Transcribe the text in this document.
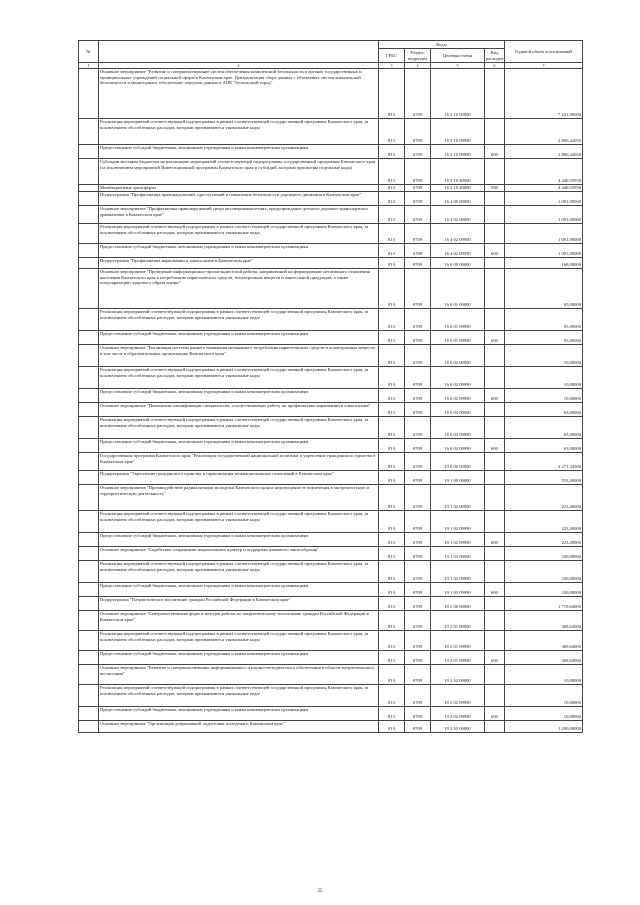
№		Коды				Годовой объем ассигнований
		ГРБС	Раздел, подраздел	Целевая статья	Вид расходов	
1	2	3	4	5	6	7
	Основное мероприятие "Развитие и совершенствование систем обеспечения комплексной безопасности в органах государственных и муниципальных учреждений социальной сферы в Камчатском крае. Централизация сбора данных с объектовых систем комплексной безопасности и мониторинга, обеспечение передачи данных в АПК "Безопасный город"	813	0709	16 3 10 00000		7 241,00000
	Реализация мероприятий соответствующей подпрограммы в рамках соответствующей государственной программы Камчатского края, за исключением обособленных расходов, которым присваиваются уникальные коды	813	0709	16 3 10 09990		2 800,44050
	Предоставление субсидий бюджетным, автономным учреждениям и иным некоммерческим организациям	813	0709	16 3 10 09990	600	2 800,44050
	Субсидии местным бюджетам на реализацию мероприятий соответствующей подпрограммы государственной программы Камчатского края (за исключением мероприятий Инвестиционной программы Камчатского края и субсидий, которым присвоены отдельные коды)	813	0709	16 3 10 40000		4 440,55950
	Межбюджетные трансферты	813	0709	16 3 10 40000	500	4 440,55950
	Подпрограмма "Профилактика правонарушений, преступлений и повышение безопасности дорожного движения в Камчатском крае"	813	0709	16 4 00 00000		1 091,00000
	Основное мероприятие "Профилактика правонарушений среди несовершеннолетних, предупреждение детского дорожно-транспортного травматизма в Камчатском крае"	813	0709	16 4 02 00000		1 091,00000
	Реализация мероприятий соответствующей подпрограммы в рамках соответствующей государственной программы Камчатского края, за исключением обособленных расходов, которым присваиваются уникальные коды	813	0709	16 4 02 09990		1 091,00000
	Предоставление субсидий бюджетным, автономным учреждениям и иным некоммерческим организациям	813	0709	16 4 02 09990	600	1 091,00000
	Подпрограмма "Профилактика наркомании и алкоголизма в Камчатском крае"	813	0709	16 6 00 00000		168,00000
	Основное мероприятие "Проведение информационно-пропагандистской работы, направленной на формирование негативного отношения населения Камчатского края к потреблению наркотических средств, психотропных веществ и алкогольной продукции, а также популяризацию здорового образа жизни"	813	0709	16 6 01 00000		65,00000
	Реализация мероприятий соответствующей подпрограммы в рамках соответствующей государственной программы Камчатского края, за исключением обособленных расходов, которым присваиваются уникальные коды	813	0709	16 6 01 09990		95,00000
	Предоставление субсидий бюджетным, автономным учреждениям и иным некоммерческим организациям	813	0709	16 6 01 09990	600	95,00000
	Основное мероприятие "Реализация системы раннего выявления незаконного потребления наркотических средств и психотропных веществ, в том числе в образовательных организациях Камчатского края"	813	0709	16 6 02 00000		10,00000
	Реализация мероприятий соответствующей подпрограммы в рамках соответствующей государственной программы Камчатского края, за исключением обособленных расходов, которым присваиваются уникальные коды	813	0709	16 6 02 09990		10,00000
	Предоставление субсидий бюджетным, автономным учреждениям и иным некоммерческим организациям	813	0709	16 6 02 09990	600	10,00000
	Основное мероприятие "Повышение квалификации специалистов, осуществляющих работу по профилактике наркомании и алкоголизма"	813	0709	16 6 04 00000		63,00000
	Реализация мероприятий соответствующей подпрограммы в рамках соответствующей государственной программы Камчатского края, за исключением обособленных расходов, которым присваиваются уникальные коды	813	0709	16 6 04 09990		63,00000
	Предоставление субсидий бюджетным, автономным учреждениям и иным некоммерческим организациям	813	0709	16 6 04 09990	600	63,00000
	Государственная программа Камчатского края "Реализация государственной национальной политики и укрепление гражданского единства в Камчатском крае"	813	0709	19 0 00 00000		3 271,34500
	Подпрограмма "Укрепление гражданского единства и гармонизация межнациональных отношений в Камчатском крае"	813	0709	19 1 00 00000		553,49000
	Основное мероприятие "Противодействие радикализации молодежи Камчатского края и недопущение ее вовлечения в экстремистскую и террористическую деятельность"	813	0709	19 1 02 00000		223,49000
	Реализация мероприятий соответствующей подпрограммы в рамках соответствующей государственной программы Камчатского края, за исключением обособленных расходов, которым присваиваются уникальные коды	813	0709	19 1 02 09990		223,49000
	Предоставление субсидий бюджетным, автономным учреждениям и иным некоммерческим организациям	813	0709	19 1 02 09990	600	223,49000
	Основное мероприятие "Содействие сохранению национальных культур и поддержка языкового многообразия"	813	0709	19 1 03 00000		330,00000
	Реализация мероприятий соответствующей подпрограммы в рамках соответствующей государственной программы Камчатского края, за исключением обособленных расходов, которым присваиваются уникальные коды	813	0709	19 1 03 09990		330,00000
	Предоставление субсидий бюджетным, автономным учреждениям и иным некоммерческим организациям	813	0709	19 1 03 09990	600	330,00000
	Подпрограмма "Патриотическое воспитание граждан Российской Федерации в Камчатском крае"	813	0709	19 2 00 00000		1 719,64000
	Основное мероприятие "Совершенствование форм и методов работы по патриотическому воспитанию граждан Российской Федерации в Камчатском крае"	813	0709	19 2 01 00000		369,64000
	Реализация мероприятий соответствующей подпрограммы в рамках соответствующей государственной программы Камчатского края, за исключением обособленных расходов, которым присваиваются уникальные коды	813	0709	19 2 01 09990		369,64000
	Предоставление субсидий бюджетным, автономным учреждениям и иным некоммерческим организациям	813	0709	19 2 01 09990	600	369,64000
	Основное мероприятие "Развитие и совершенствование информационного и научно-методического обеспечения в области патриотического воспитания"	813	0709	19 2 02 00000		10,00000
	Реализация мероприятий соответствующей подпрограммы в рамках соответствующей государственной программы Камчатского края, за исключением обособленных расходов, которым присваиваются уникальные коды	813	0709	19 2 02 09990		10,00000
	Предоставление субсидий бюджетным, автономным учреждениям и иным некоммерческим организациям	813	0709	19 2 02 09990	600	10,00000
	Основное мероприятие "Организация допризывной подготовки молодежи в Камчатском крае"	813	0709	19 2 03 00000		1 290,00000
25
